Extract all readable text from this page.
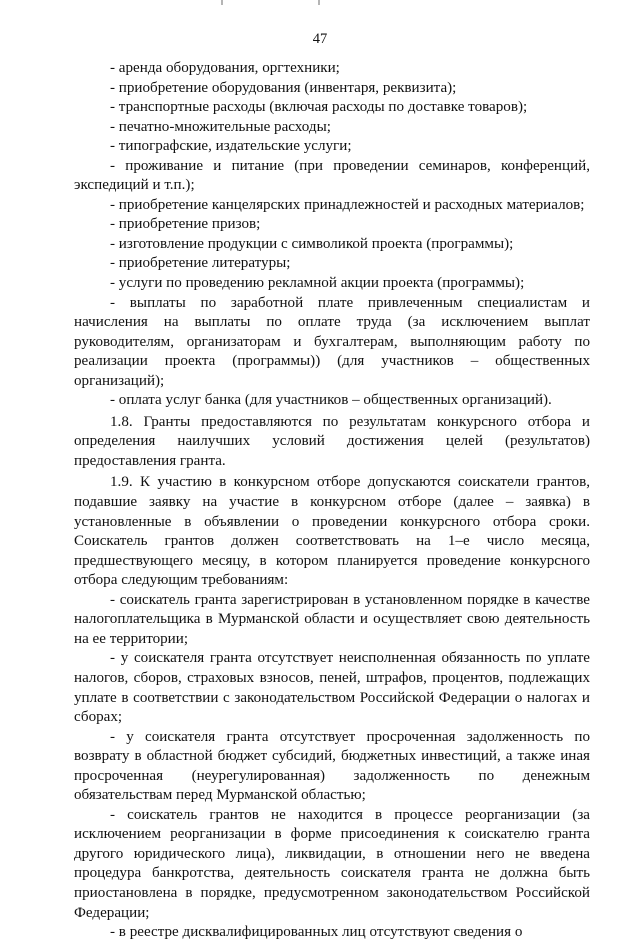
47

- аренда оборудования, оргтехники;

- приобретение оборудования (инвентаря, реквизита);

- транспортные расходы (включая расходы по доставке товаров);

- печатно-множительные расходы;

- типографские, издательские услуги;

- проживание и питание (при проведении семинаров, конференций, экспедиций и т.п.);

- приобретение канцелярских принадлежностей и расходных материалов;

- приобретение призов;

- изготовление продукции с символикой проекта (программы);

- приобретение литературы;

- услуги по проведению рекламной акции проекта (программы);

- выплаты по заработной плате привлеченным специалистам и начисления на выплаты по оплате труда (за исключением выплат руководителям, организаторам и бухгалтерам, выполняющим работу по реализации проекта (программы)) (для участников – общественных организаций);

- оплата услуг банка (для участников – общественных организаций).

1.8. Гранты предоставляются по результатам конкурсного отбора и определения наилучших условий достижения целей (результатов) предоставления гранта.

1.9. К участию в конкурсном отборе допускаются соискатели грантов, подавшие заявку на участие в конкурсном отборе (далее – заявка) в установленные в объявлении о проведении конкурсного отбора сроки. Соискатель грантов должен соответствовать на 1–е число месяца, предшествующего месяцу, в котором планируется проведение конкурсного отбора следующим требованиям:

- соискатель гранта зарегистрирован в установленном порядке в качестве налогоплательщика в Мурманской области и осуществляет свою деятельность на ее территории;

- у соискателя гранта отсутствует неисполненная обязанность по уплате налогов, сборов, страховых взносов, пеней, штрафов, процентов, подлежащих уплате в соответствии с законодательством Российской Федерации о налогах и сборах;

- у соискателя гранта отсутствует просроченная задолженность по возврату в областной бюджет субсидий, бюджетных инвестиций, а также иная просроченная (неурегулированная) задолженность по денежным обязательствам перед Мурманской областью;

- соискатель грантов не находится в процессе реорганизации (за исключением реорганизации в форме присоединения к соискателю гранта другого юридического лица), ликвидации, в отношении него не введена процедура банкротства, деятельность соискателя гранта не должна быть приостановлена в порядке, предусмотренном законодательством Российской Федерации;

- в реестре дисквалифицированных лиц отсутствуют сведения о
